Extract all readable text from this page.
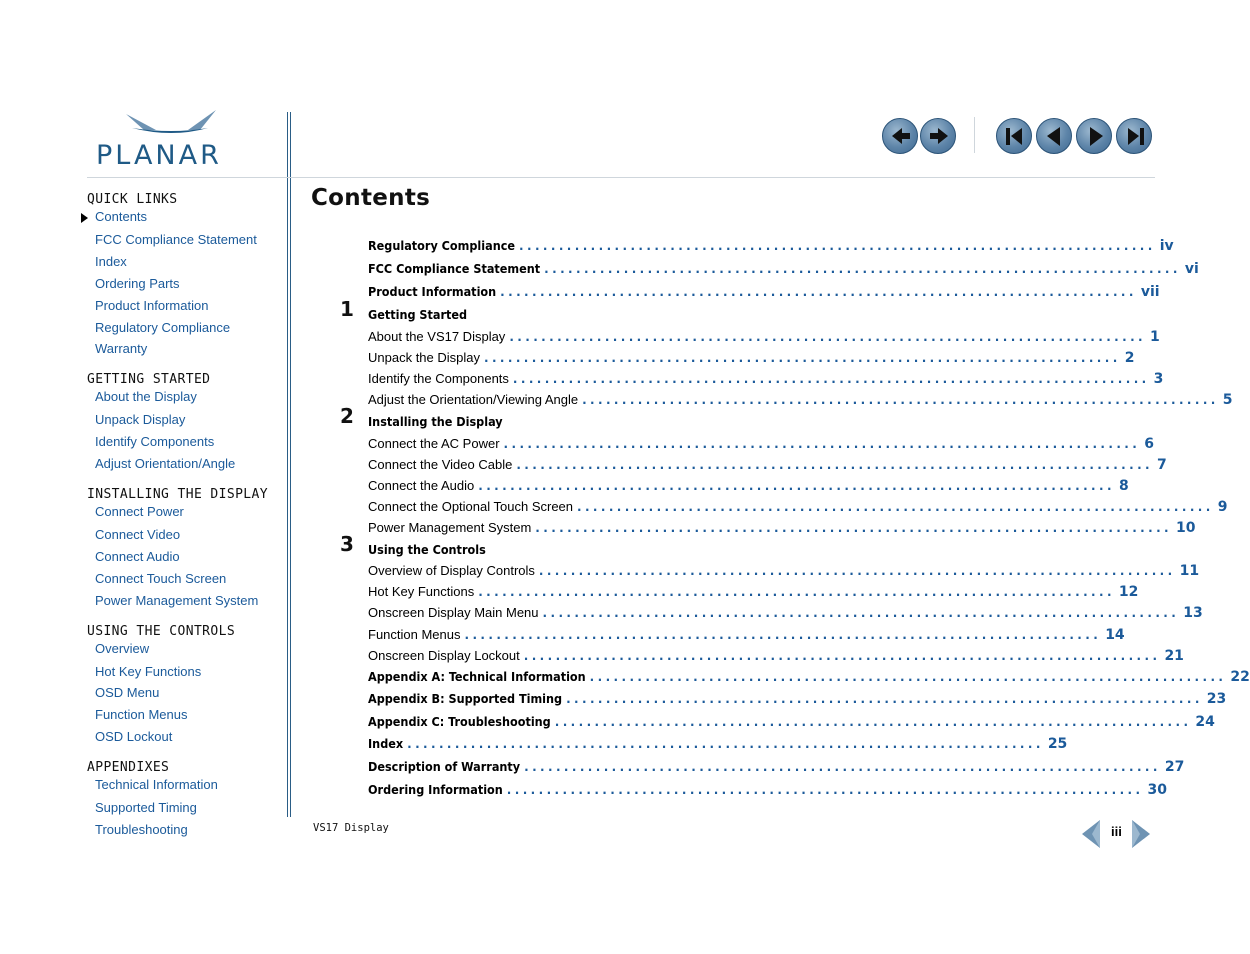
PLANAR
QUICK LINKS
Contents
FCC Compliance Statement
Index
Ordering Parts
Product Information
Regulatory Compliance
Warranty
GETTING STARTED
About the Display
Unpack Display
Identify Components
Adjust Orientation/Angle
INSTALLING THE DISPLAY
Connect Power
Connect Video
Connect Audio
Connect Touch Screen
Power Management System
USING THE CONTROLS
Overview
Hot Key Functions
OSD Menu
Function Menus
OSD Lockout
APPENDIXES
Technical Information
Supported Timing
Troubleshooting
Contents
Regulatory Compliance ................................................................................ iv
FCC Compliance Statement ................................................................................ vi
Product Information ................................................................................ vii
1	Getting Started
About the VS17 Display ................................................................................ 1
Unpack the Display ................................................................................ 2
Identify the Components ................................................................................ 3
Adjust the Orientation/Viewing Angle ................................................................................ 5
2	Installing the Display
Connect the AC Power ................................................................................ 6
Connect the Video Cable ................................................................................ 7
Connect the Audio ................................................................................ 8
Connect the Optional Touch Screen ................................................................................ 9
Power Management System ................................................................................ 10
3	Using the Controls
Overview of Display Controls ................................................................................ 11
Hot Key Functions ................................................................................ 12
Onscreen Display Main Menu ................................................................................ 13
Function Menus ................................................................................ 14
Onscreen Display Lockout ................................................................................ 21
Appendix A: Technical Information ................................................................................ 22
Appendix B: Supported Timing ................................................................................ 23
Appendix C: Troubleshooting ................................................................................ 24
Index ................................................................................ 25
Description of Warranty ................................................................................ 27
Ordering Information ................................................................................ 30
VS17 Display	iii
